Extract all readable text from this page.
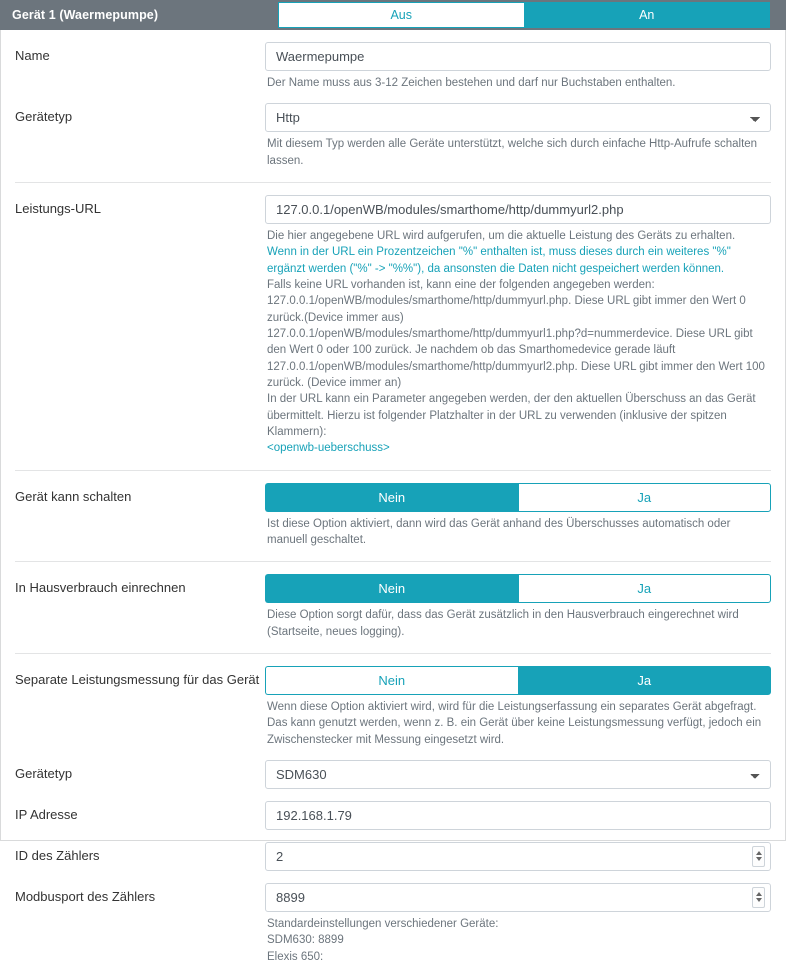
Gerät 1 (Waermepumpe)	Aus	An
Name
Waermepumpe
Der Name muss aus 3-12 Zeichen bestehen und darf nur Buchstaben enthalten.
Gerätetyp
Http
Mit diesem Typ werden alle Geräte unterstützt, welche sich durch einfache Http-Aufrufe schalten lassen.
Leistungs-URL
127.0.0.1/openWB/modules/smarthome/http/dummyurl2.php
Die hier angegebene URL wird aufgerufen, um die aktuelle Leistung des Geräts zu erhalten.
Wenn in der URL ein Prozentzeichen "%" enthalten ist, muss dieses durch ein weiteres "%" ergänzt werden ("%" -> "%%"), da ansonsten die Daten nicht gespeichert werden können.
Falls keine URL vorhanden ist, kann eine der folgenden angegeben werden:
127.0.0.1/openWB/modules/smarthome/http/dummyurl.php. Diese URL gibt immer den Wert 0 zurück.(Device immer aus)
127.0.0.1/openWB/modules/smarthome/http/dummyurl1.php?d=nummerdevice. Diese URL gibt den Wert 0 oder 100 zurück. Je nachdem ob das Smarthomedevice gerade läuft
127.0.0.1/openWB/modules/smarthome/http/dummyurl2.php. Diese URL gibt immer den Wert 100 zurück. (Device immer an)
In der URL kann ein Parameter angegeben werden, der den aktuellen Überschuss an das Gerät übermittelt. Hierzu ist folgender Platzhalter in der URL zu verwenden (inklusive der spitzen Klammern):
<openwb-ueberschuss>
Gerät kann schalten	Nein	Ja
Ist diese Option aktiviert, dann wird das Gerät anhand des Überschusses automatisch oder manuell geschaltet.
In Hausverbrauch einrechnen	Nein	Ja
Diese Option sorgt dafür, dass das Gerät zusätzlich in den Hausverbrauch eingerechnet wird (Startseite, neues logging).
Separate Leistungsmessung für das Gerät	Nein	Ja
Wenn diese Option aktiviert wird, wird für die Leistungserfassung ein separates Gerät abgefragt. Das kann genutzt werden, wenn z. B. ein Gerät über keine Leistungsmessung verfügt, jedoch ein Zwischenstecker mit Messung eingesetzt wird.
Gerätetyp
SDM630
IP Adresse
192.168.1.79
ID des Zählers
2
Modbusport des Zählers
8899
Standardeinstellungen verschiedener Geräte:
SDM630: 8899
Elexis 650:
